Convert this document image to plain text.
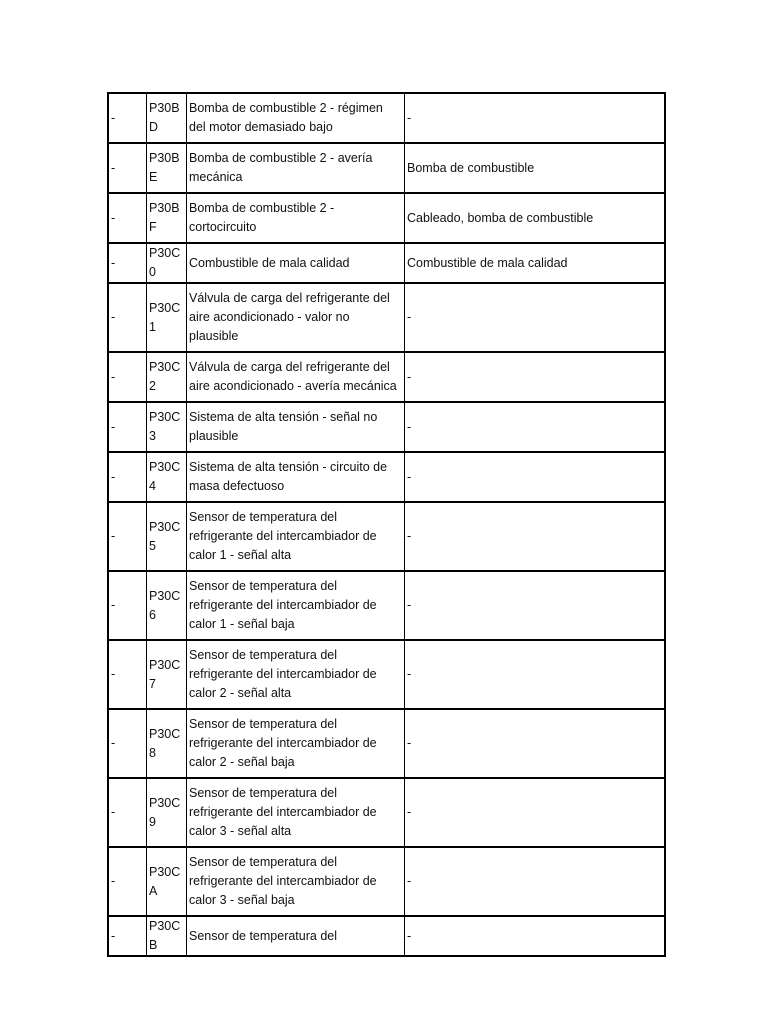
-	P30BD	Bomba de combustible 2 - régimen del motor demasiado bajo	-
-	P30BE	Bomba de combustible 2 - avería mecánica	Bomba de combustible
-	P30BF	Bomba de combustible 2 - cortocircuito	Cableado, bomba de combustible
-	P30C0	Combustible de mala calidad	Combustible de mala calidad
-	P30C1	Válvula de carga del refrigerante del aire acondicionado - valor no plausible	-
-	P30C2	Válvula de carga del refrigerante del aire acondicionado - avería mecánica	-
-	P30C3	Sistema de alta tensión - señal no plausible	-
-	P30C4	Sistema de alta tensión - circuito de masa defectuoso	-
-	P30C5	Sensor de temperatura del refrigerante del intercambiador de calor 1 - señal alta	-
-	P30C6	Sensor de temperatura del refrigerante del intercambiador de calor 1 - señal baja	-
-	P30C7	Sensor de temperatura del refrigerante del intercambiador de calor 2 - señal alta	-
-	P30C8	Sensor de temperatura del refrigerante del intercambiador de calor 2 - señal baja	-
-	P30C9	Sensor de temperatura del refrigerante del intercambiador de calor 3 - señal alta	-
-	P30CA	Sensor de temperatura del refrigerante del intercambiador de calor 3 - señal baja	-
-	P30CB	Sensor de temperatura del	-
